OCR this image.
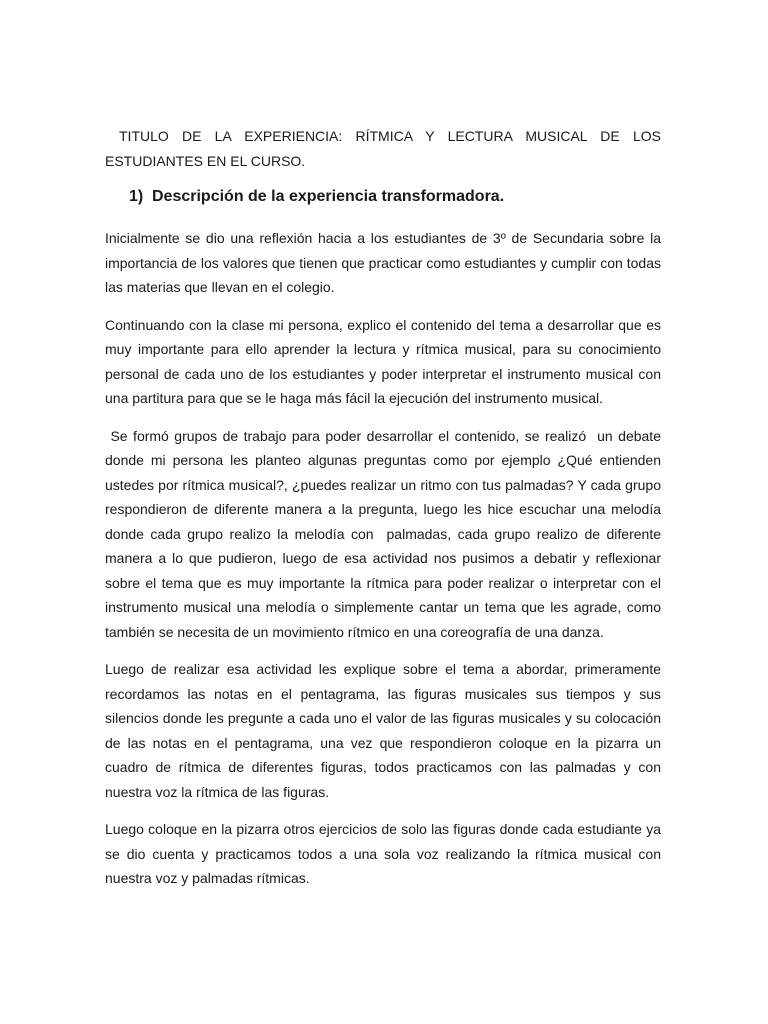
TITULO DE LA EXPERIENCIA: RÍTMICA Y LECTURA MUSICAL DE LOS ESTUDIANTES EN EL CURSO.

1) Descripción de la experiencia transformadora.

Inicialmente se dio una reflexión hacia a los estudiantes de 3º de Secundaria sobre la importancia de los valores que tienen que practicar como estudiantes y cumplir con todas las materias que llevan en el colegio.

Continuando con la clase mi persona, explico el contenido del tema a desarrollar que es muy importante para ello aprender la lectura y rítmica musical, para su conocimiento personal de cada uno de los estudiantes y poder interpretar el instrumento musical con una partitura para que se le haga más fácil la ejecución del instrumento musical.

Se formó grupos de trabajo para poder desarrollar el contenido, se realizó  un debate donde mi persona les planteo algunas preguntas como por ejemplo ¿Qué entienden ustedes por rítmica musical?, ¿puedes realizar un ritmo con tus palmadas? Y cada grupo respondieron de diferente manera a la pregunta, luego les hice escuchar una melodía donde cada grupo realizo la melodía con  palmadas, cada grupo realizo de diferente manera a lo que pudieron, luego de esa actividad nos pusimos a debatir y reflexionar sobre el tema que es muy importante la rítmica para poder realizar o interpretar con el instrumento musical una melodía o simplemente cantar un tema que les agrade, como también se necesita de un movimiento rítmico en una coreografía de una danza.

Luego de realizar esa actividad les explique sobre el tema a abordar, primeramente recordamos las notas en el pentagrama, las figuras musicales sus tiempos y sus silencios donde les pregunte a cada uno el valor de las figuras musicales y su colocación de las notas en el pentagrama, una vez que respondieron coloque en la pizarra un cuadro de rítmica de diferentes figuras, todos practicamos con las palmadas y con nuestra voz la rítmica de las figuras.

Luego coloque en la pizarra otros ejercicios de solo las figuras donde cada estudiante ya se dio cuenta y practicamos todos a una sola voz realizando la rítmica musical con nuestra voz y palmadas rítmicas.
